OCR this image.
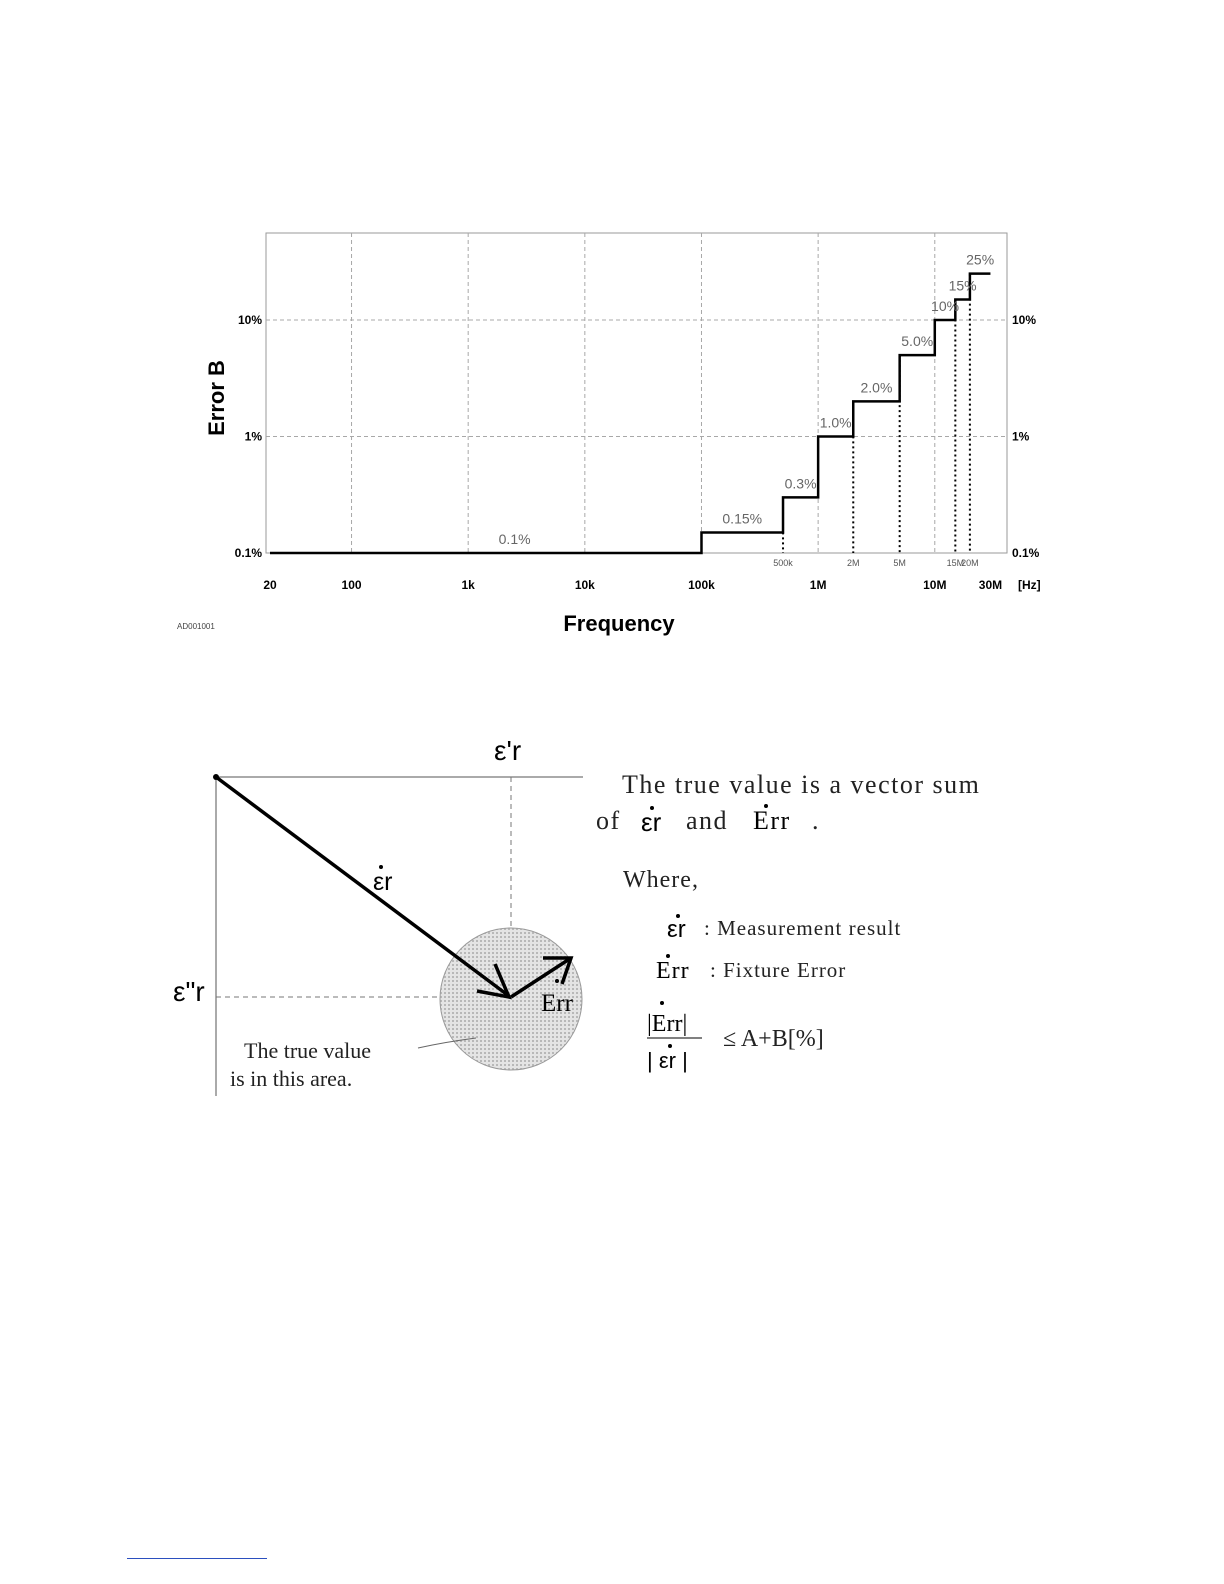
500k	2M	5M	15M
20M
0.1%
0.15%
0.3%
1.0%
2.0%
5.0%
10%
15%
25%
20	100	1k	10k	100k	1M	10M	30M
0.1%	0.1%
1%	1%
10%	10%
[Hz]
Frequency
Error B
AD001001
ε'r
ε"r
εr
Err
The true value
is in this area.
The true value is a vector sum
of εr and Err .
Where,
εr : Measurement result
Err : Fixture Error
|Err|
| εr |
≤ A+B[%]
